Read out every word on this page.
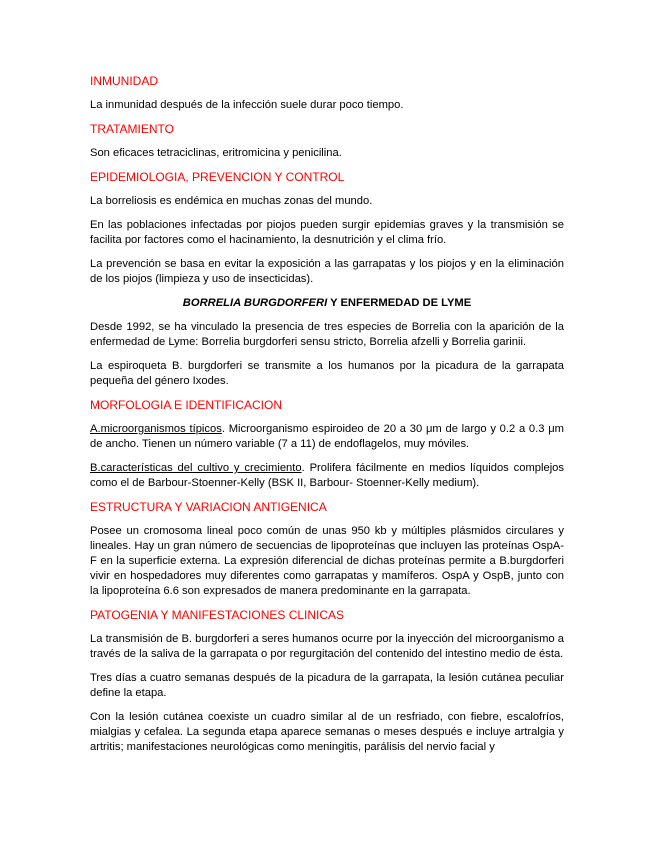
INMUNIDAD
La inmunidad después de la infección suele durar poco tiempo.
TRATAMIENTO
Son eficaces tetraciclinas, eritromicina y penicilina.
EPIDEMIOLOGIA, PREVENCION Y CONTROL
La borreliosis es endémica en muchas zonas del mundo.
En las poblaciones infectadas por piojos pueden surgir epidemias graves y la transmisión se facilita por factores como el hacinamiento, la desnutrición y el clima frío.
La prevención se basa en evitar la exposición a las garrapatas y los piojos y en la eliminación de los piojos (limpieza y uso de insecticidas).
BORRELIA BURGDORFERI Y ENFERMEDAD DE LYME
Desde 1992, se ha vinculado la presencia de tres especies de Borrelia con la aparición de la enfermedad de Lyme: Borrelia burgdorferi sensu stricto, Borrelia afzelli y Borrelia garinii.
La espiroqueta B. burgdorferi se transmite a los humanos por la picadura de la garrapata pequeña del género Ixodes.
MORFOLOGIA E IDENTIFICACION
A.microorganismos típicos. Microorganismo espiroideo de 20 a 30 μm de largo y 0.2 a 0.3 μm de ancho. Tienen un número variable (7 a 11) de endoflagelos, muy móviles.
B.características del cultivo y crecimiento. Prolifera fácilmente en medios líquidos complejos como el de Barbour-Stoenner-Kelly (BSK II, Barbour- Stoenner-Kelly medium).
ESTRUCTURA Y VARIACION ANTIGENICA
Posee un cromosoma lineal poco común de unas 950 kb y múltiples plásmidos circulares y lineales. Hay un gran número de secuencias de lipoproteínas que incluyen las proteínas OspA-F en la superficie externa. La expresión diferencial de dichas proteínas permite a B.burgdorferi vivir en hospedadores muy diferentes como garrapatas y mamíferos. OspA y OspB, junto con la lipoproteína 6.6 son expresados de manera predominante en la garrapata.
PATOGENIA Y MANIFESTACIONES CLINICAS
La transmisión de B. burgdorferi a seres humanos ocurre por la inyección del microorganismo a través de la saliva de la garrapata o por regurgitación del contenido del intestino medio de ésta.
Tres días a cuatro semanas después de la picadura de la garrapata, la lesión cutánea peculiar define la etapa.
Con la lesión cutánea coexiste un cuadro similar al de un resfriado, con fiebre, escalofríos, mialgias y cefalea. La segunda etapa aparece semanas o meses después e incluye artralgia y artritis; manifestaciones neurológicas como meningitis, parálisis del nervio facial y
